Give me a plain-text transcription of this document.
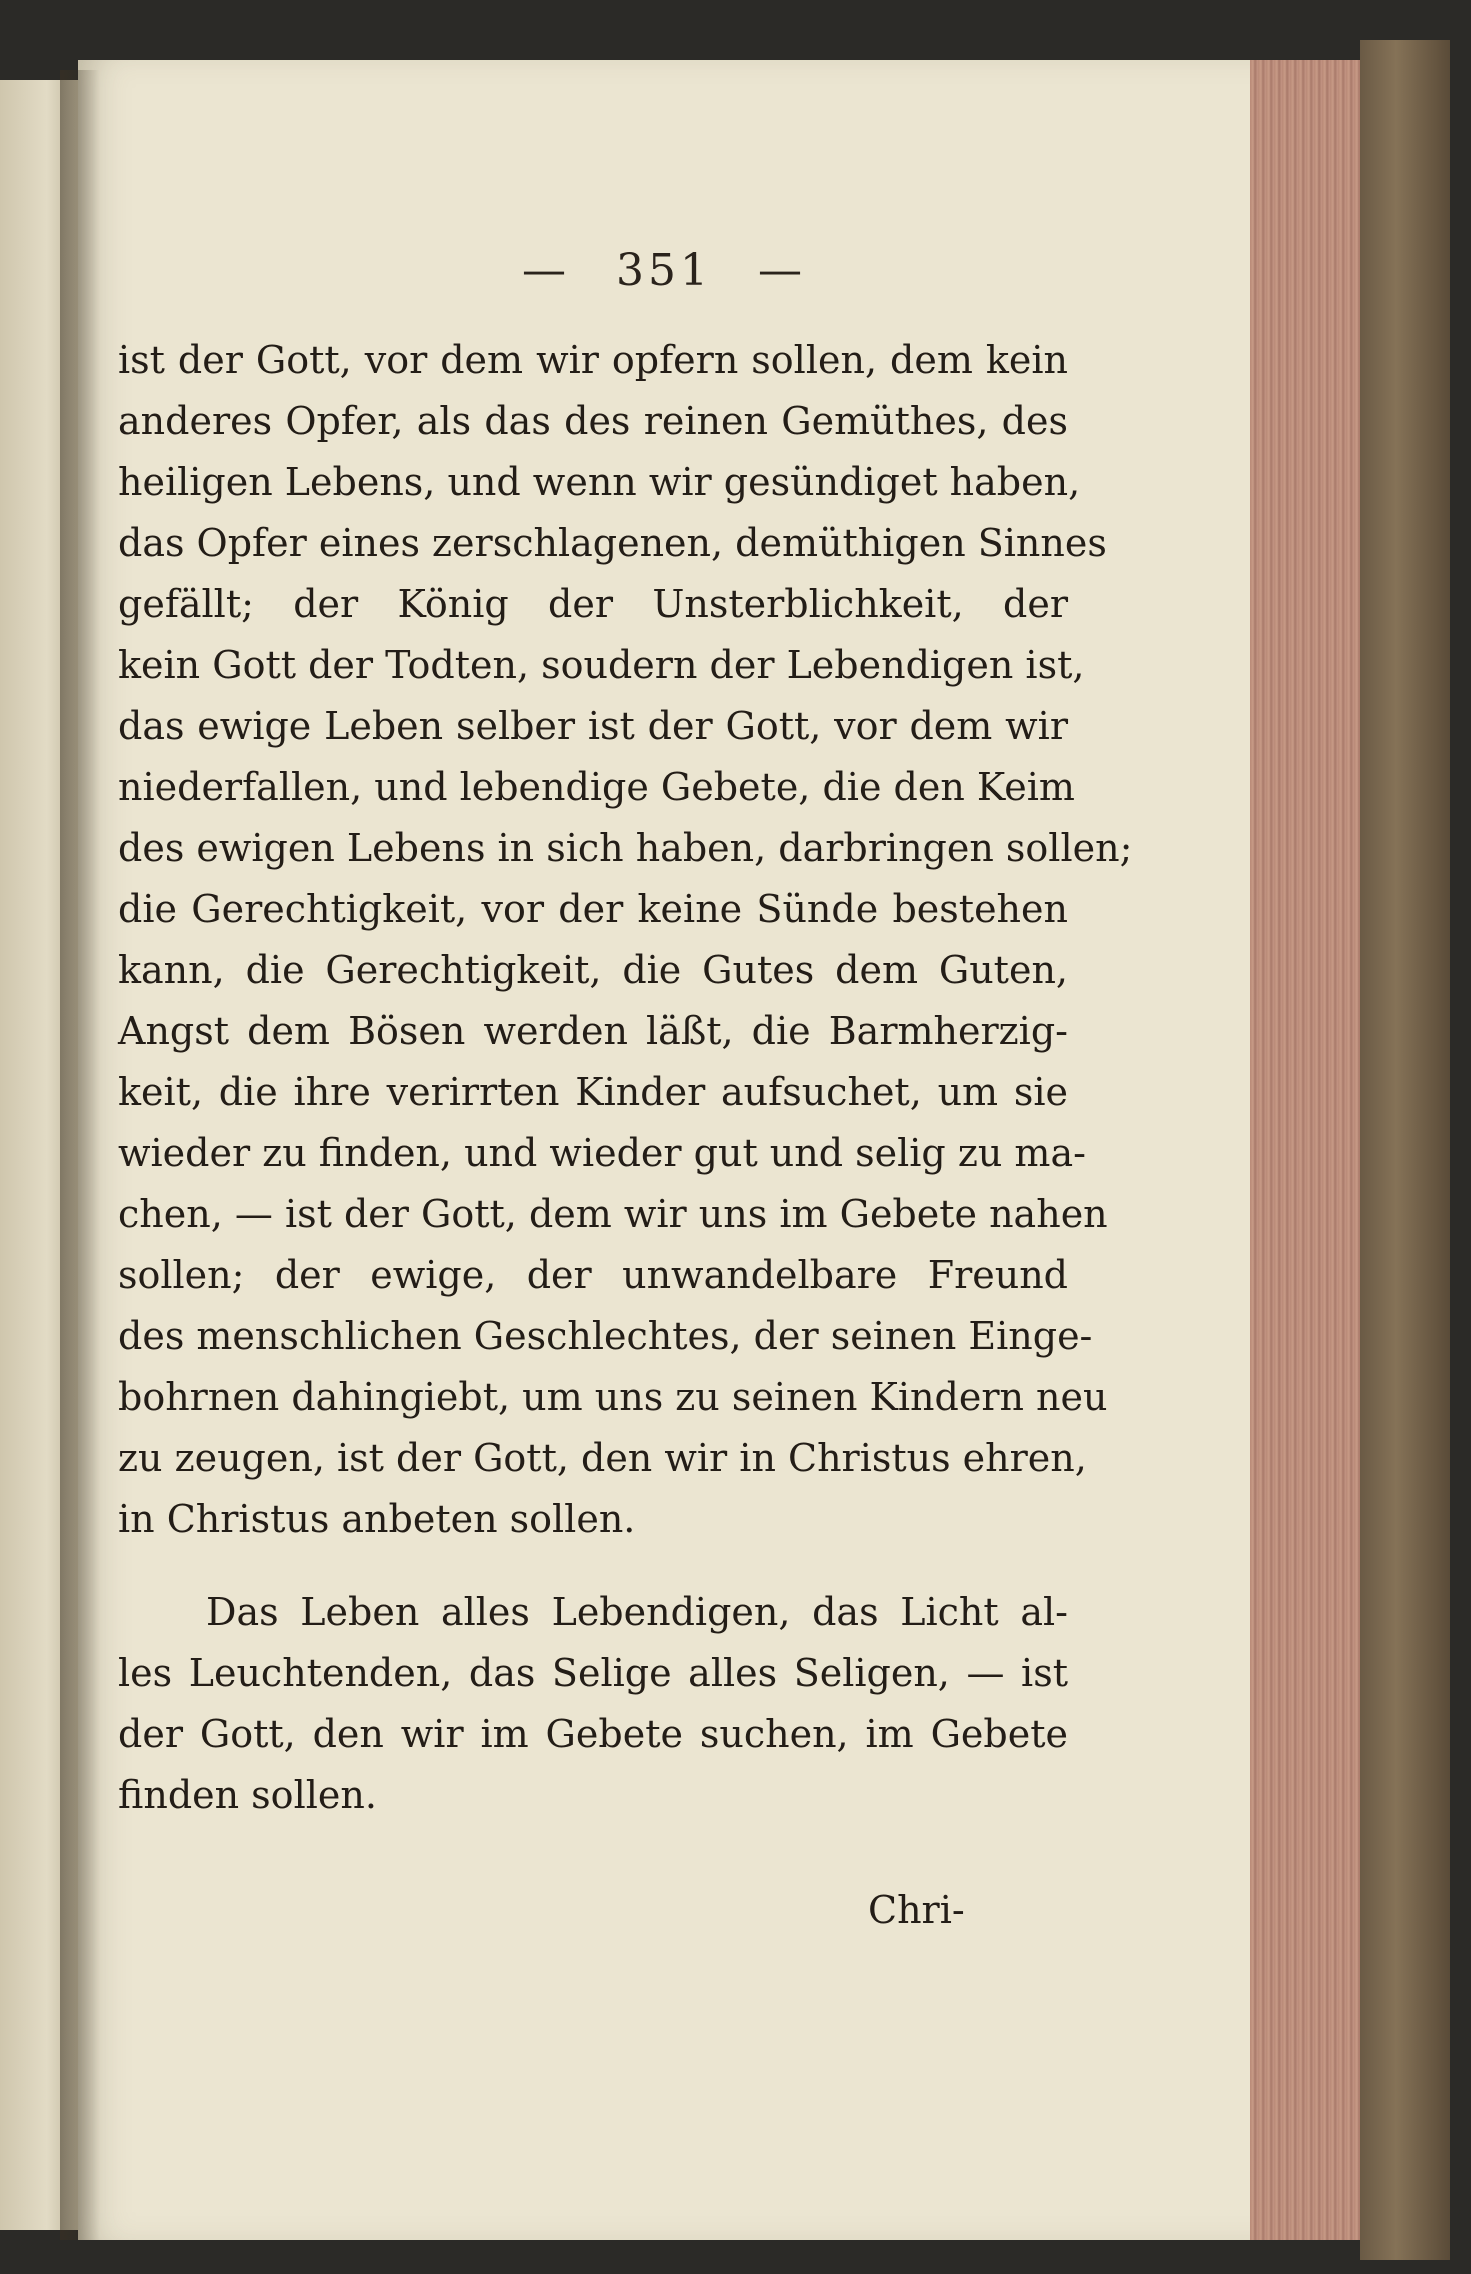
— 351 —
ist der Gott, vor dem wir opfern sollen, dem kein
anderes Opfer, als das des reinen Gemüthes, des
heiligen Lebens, und wenn wir gesündiget haben,
das Opfer eines zerschlagenen, demüthigen Sinnes
gefällt; der König der Unsterblichkeit, der
kein Gott der Todten, soudern der Lebendigen ist,
das ewige Leben selber ist der Gott, vor dem wir
niederfallen, und lebendige Gebete, die den Keim
des ewigen Lebens in sich haben, darbringen sollen;
die Gerechtigkeit, vor der keine Sünde bestehen
kann, die Gerechtigkeit, die Gutes dem Guten,
Angst dem Bösen werden läßt, die Barmherzig-
keit, die ihre verirrten Kinder aufsuchet, um sie
wieder zu finden, und wieder gut und selig zu ma-
chen, — ist der Gott, dem wir uns im Gebete nahen
sollen; der ewige, der unwandelbare Freund
des menschlichen Geschlechtes, der seinen Einge-
bohrnen dahingiebt, um uns zu seinen Kindern neu
zu zeugen, ist der Gott, den wir in Christus ehren,
in Christus anbeten sollen.
Das Leben alles Lebendigen, das Licht al-
les Leuchtenden, das Selige alles Seligen, — ist
der Gott, den wir im Gebete suchen, im Gebete
finden sollen.
Chri-
